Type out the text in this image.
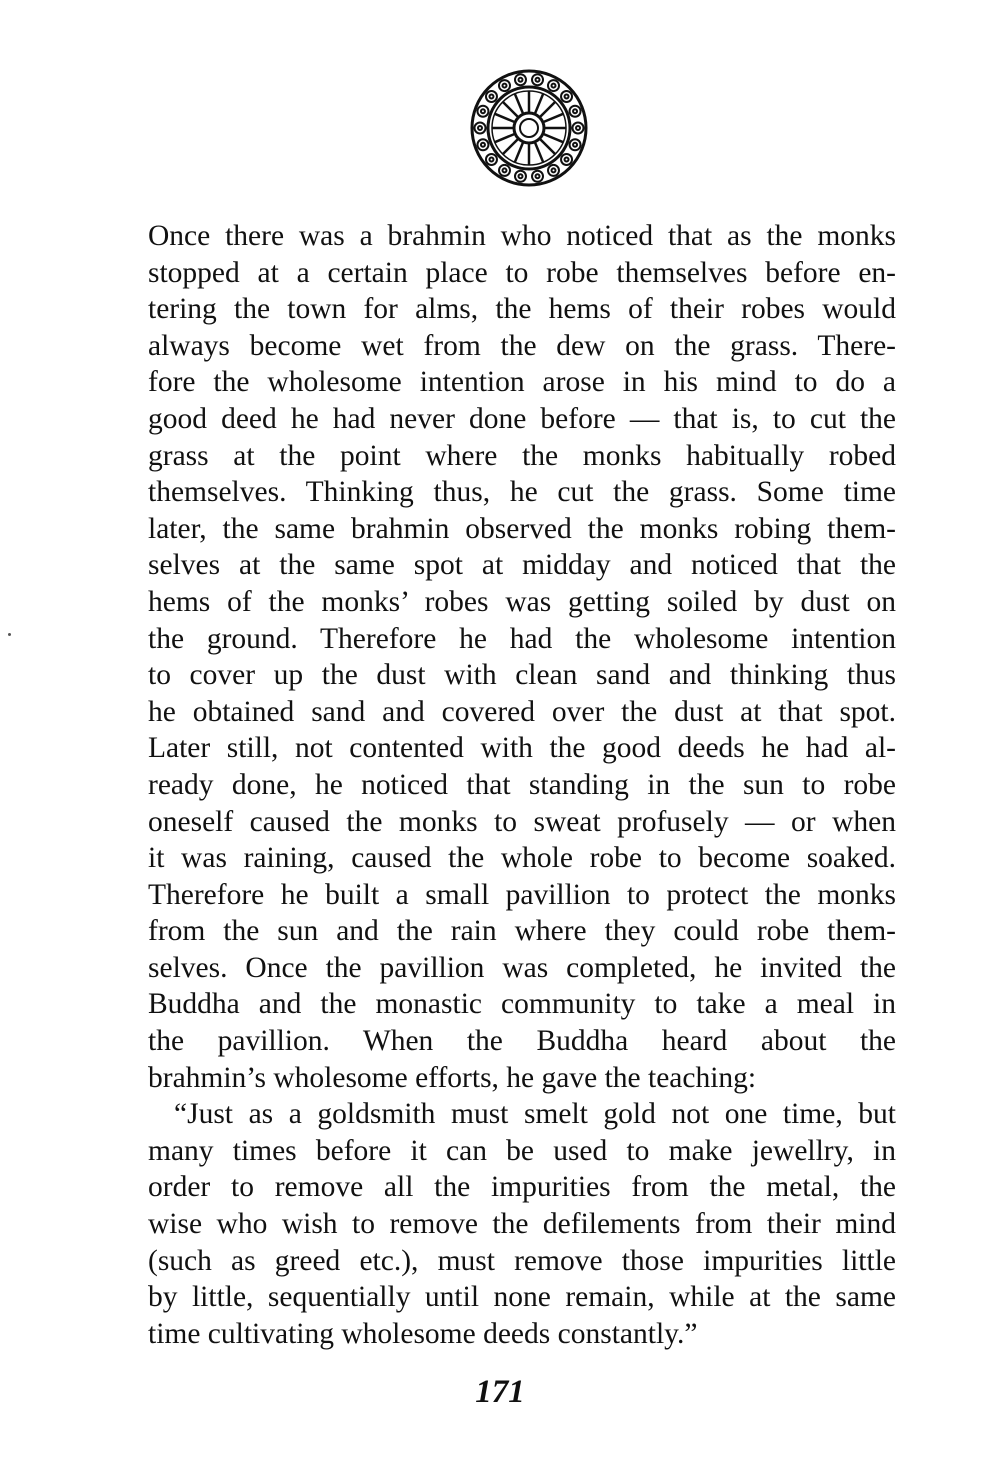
Once there was a brahmin who noticed that as the monks
stopped at a certain place to robe themselves before en-
tering the town for alms, the hems of their robes would
always become wet from the dew on the grass. There-
fore the wholesome intention arose in his mind to do a
good deed he had never done before — that is, to cut the
grass at the point where the monks habitually robed
themselves. Thinking thus, he cut the grass. Some time
later, the same brahmin observed the monks robing them-
selves at the same spot at midday and noticed that the
hems of the monks’ robes was getting soiled by dust on
the ground. Therefore he had the wholesome intention
to cover up the dust with clean sand and thinking thus
he obtained sand and covered over the dust at that spot.
Later still, not contented with the good deeds he had al-
ready done, he noticed that standing in the sun to robe
oneself caused the monks to sweat profusely — or when
it was raining, caused the whole robe to become soaked.
Therefore he built a small pavillion to protect the monks
from the sun and the rain where they could robe them-
selves. Once the pavillion was completed, he invited the
Buddha and the monastic community to take a meal in
the pavillion. When the Buddha heard about the
brahmin’s wholesome efforts, he gave the teaching:
“Just as a goldsmith must smelt gold not one time, but
many times before it can be used to make jewellry, in
order to remove all the impurities from the metal, the
wise who wish to remove the defilements from their mind
(such as greed etc.), must remove those impurities little
by little, sequentially until none remain, while at the same
time cultivating wholesome deeds constantly.”
171
